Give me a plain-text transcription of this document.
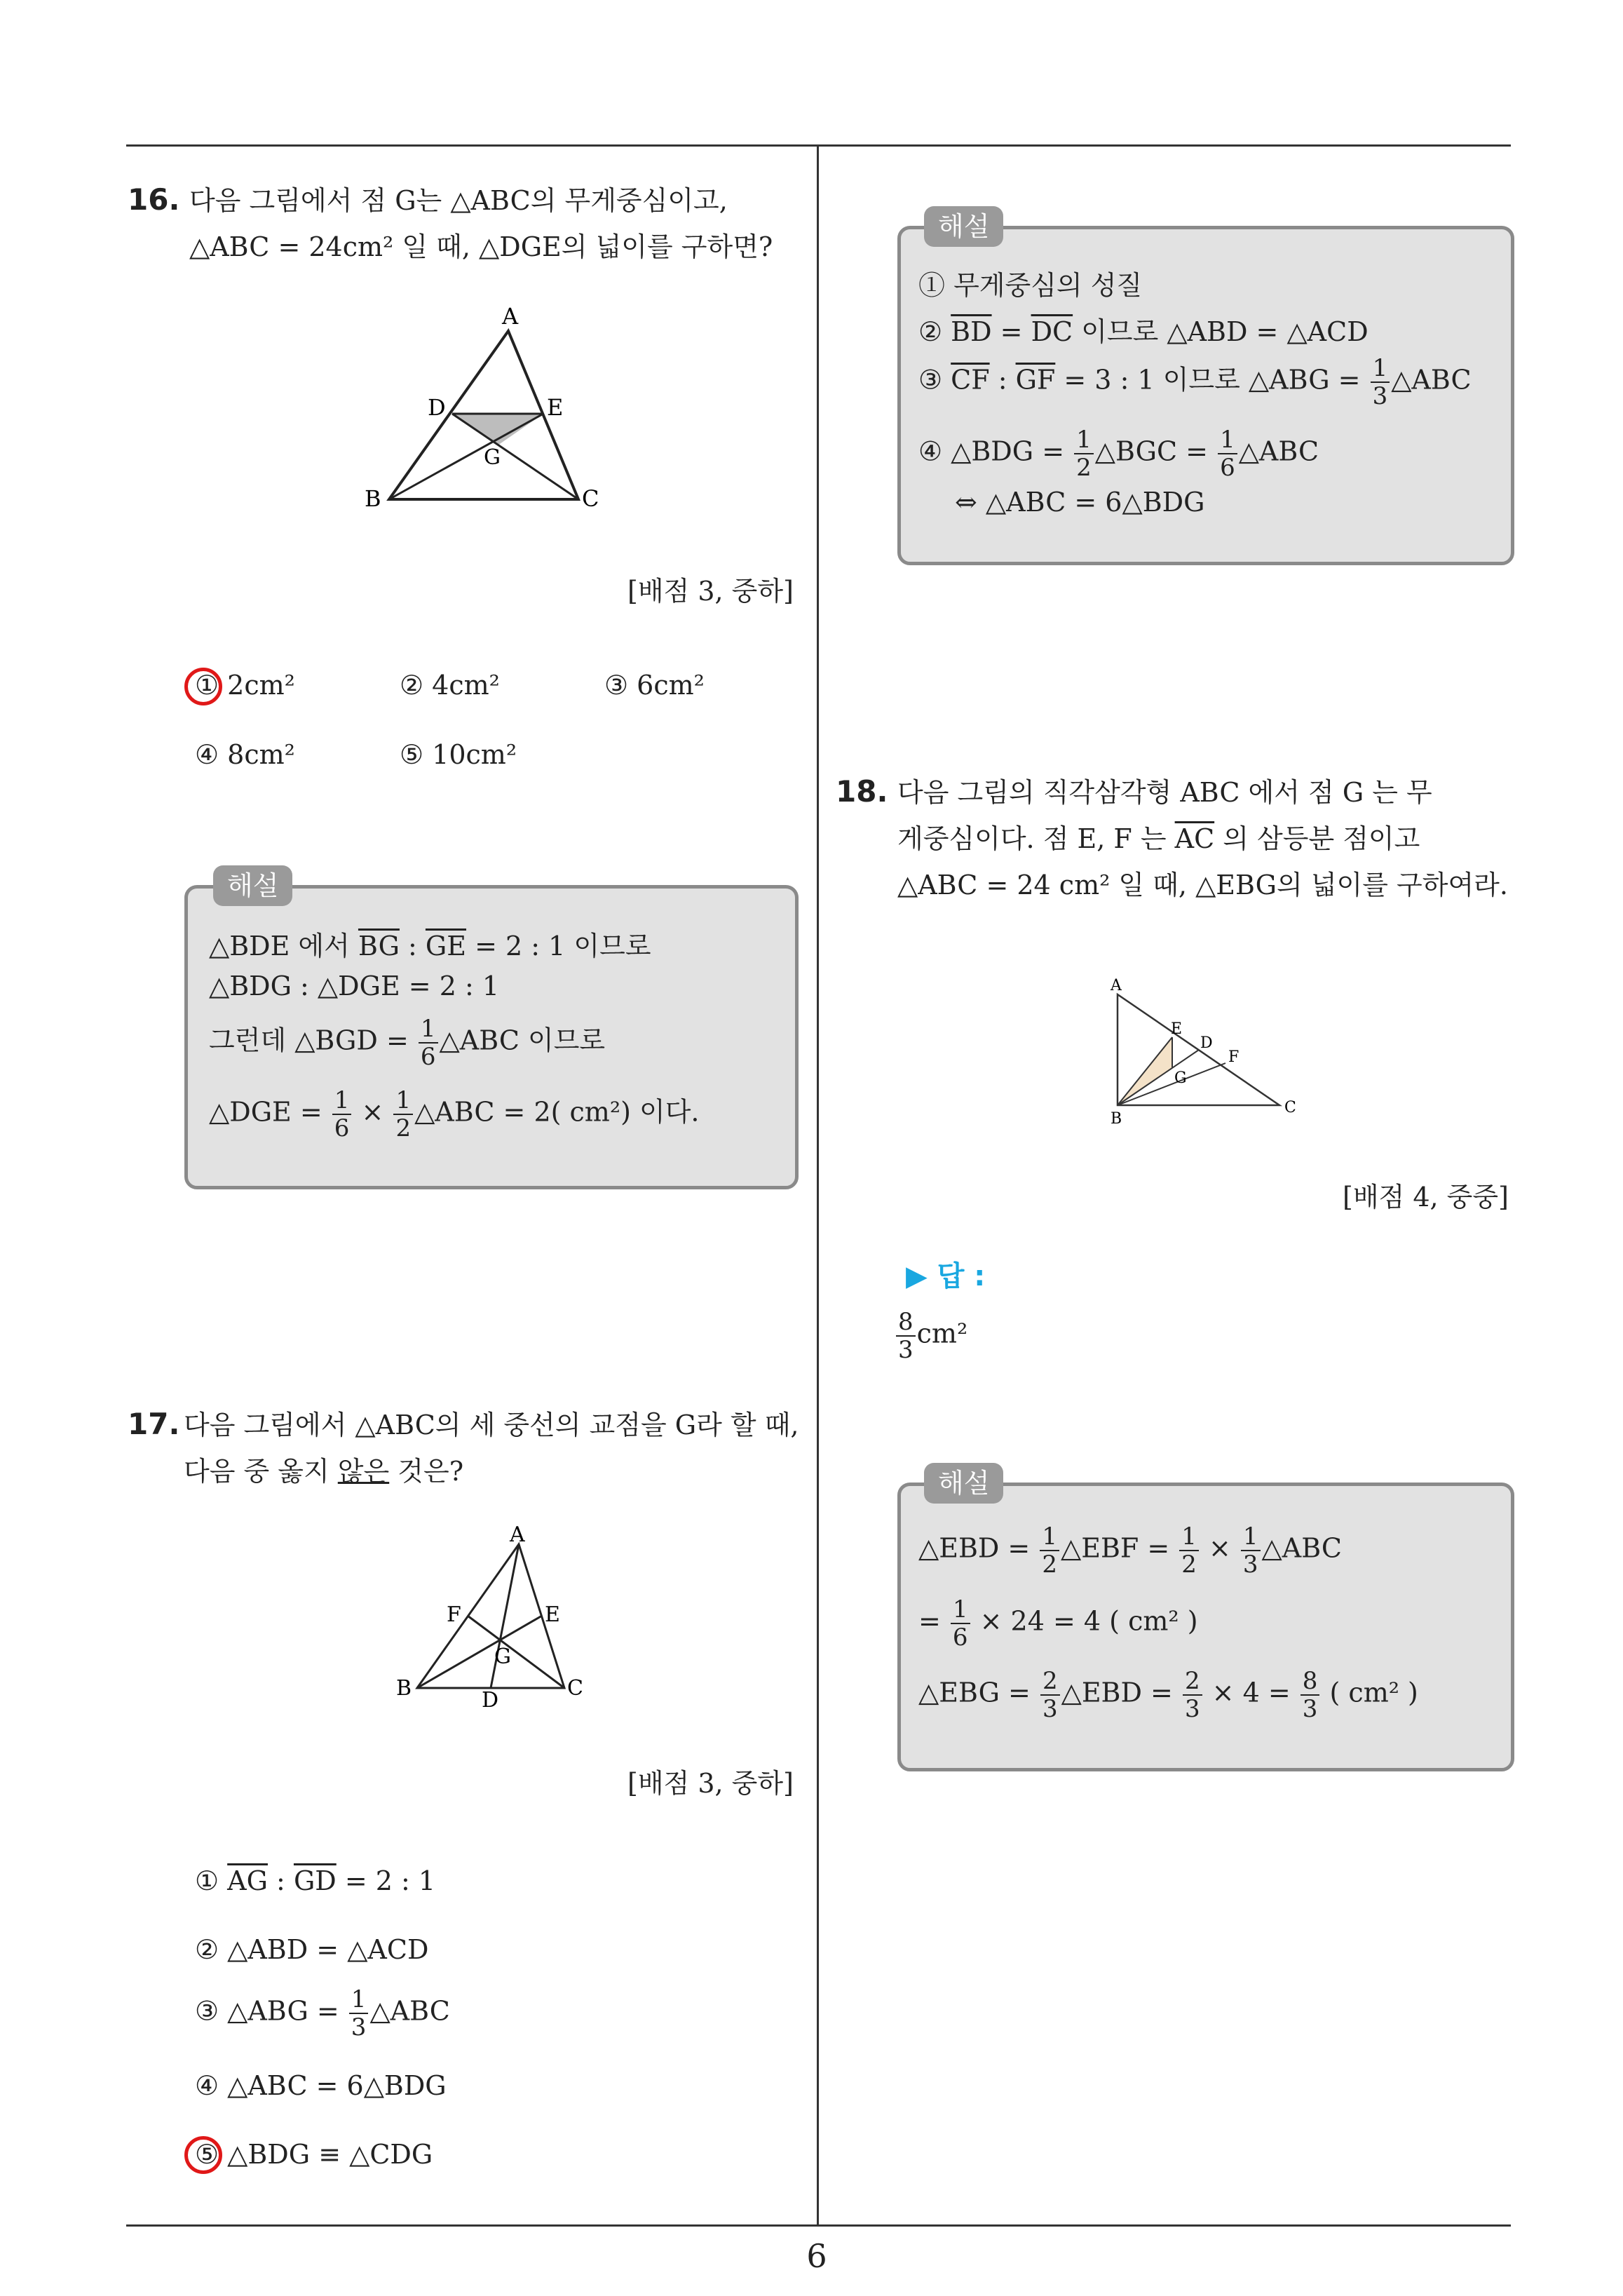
6
16. 다음 그림에서 점 G는 △ABC의 무게중심이고,
△ABC = 24cm² 일 때, △DGE의 넓이를 구하면?
A
D	E
G
B	C
[배점 3, 중하]
① 2cm²	② 4cm²	③ 6cm²
④ 8cm²	⑤ 10cm²
해설
△BDE 에서 $\overline{BG}$ : $\overline{GE} = 2$ : 1 이므로
△BDG : △DGE = 2 : 1
그런데 △BGD = $\frac{1}{6}$ △ABC 이므로
△DGE = $\frac{1}{6} \times \frac{1}{2}$ △ABC = 2( cm²) 이다.
17. 다음 그림에서 △ABC의 세 중선의 교점을 G라 할 때,
다음 중 옳지 않은 것은?
A
F	E
G
B	C
D
[배점 3, 중하]
① $\overline{AG}$ : $\overline{GD} = 2$ : 1
② △ABD = △ACD
③ △ABG = $\frac{1}{3}$ △ABC
④ △ABC = 6△BDG
⑤ △BDG ≡ △CDG
해설
① 무게중심의 성질
② $\overline{BD} = \overline{DC}$ 이므로 △ABD = △ACD
③ $\overline{CF}$ : $\overline{GF} = 3$ : 1 이므로 △ABG = $\frac{1}{3}$ △ABC
④ △BDG = $\frac{1}{2}$ △BGC = $\frac{1}{6}$ △ABC
⇔ △ABC = 6△BDG
18. 다음 그림의 직각삼각형 ABC 에서 점 G 는 무
게중심이다. 점 E, F 는 $\overline{AC}$ 의 삼등분 점이고
△ABC = 24 cm² 일 때, △EBG의 넓이를 구하여라.
A
E
D
F
G
B
C
[배점 4, 중중]
▶ 답 :
$\frac{8}{3} cm^2$
해설
△EBD = $\frac{1}{2}$ △EBF = $\frac{1}{2} \times \frac{1}{3}$ △ABC
= $\frac{1}{6} \times 24 = 4$ ( cm² )
△EBG = $\frac{2}{3}$ △EBD = $\frac{2}{3} \times 4 = \frac{8}{3}$ ( cm² )
